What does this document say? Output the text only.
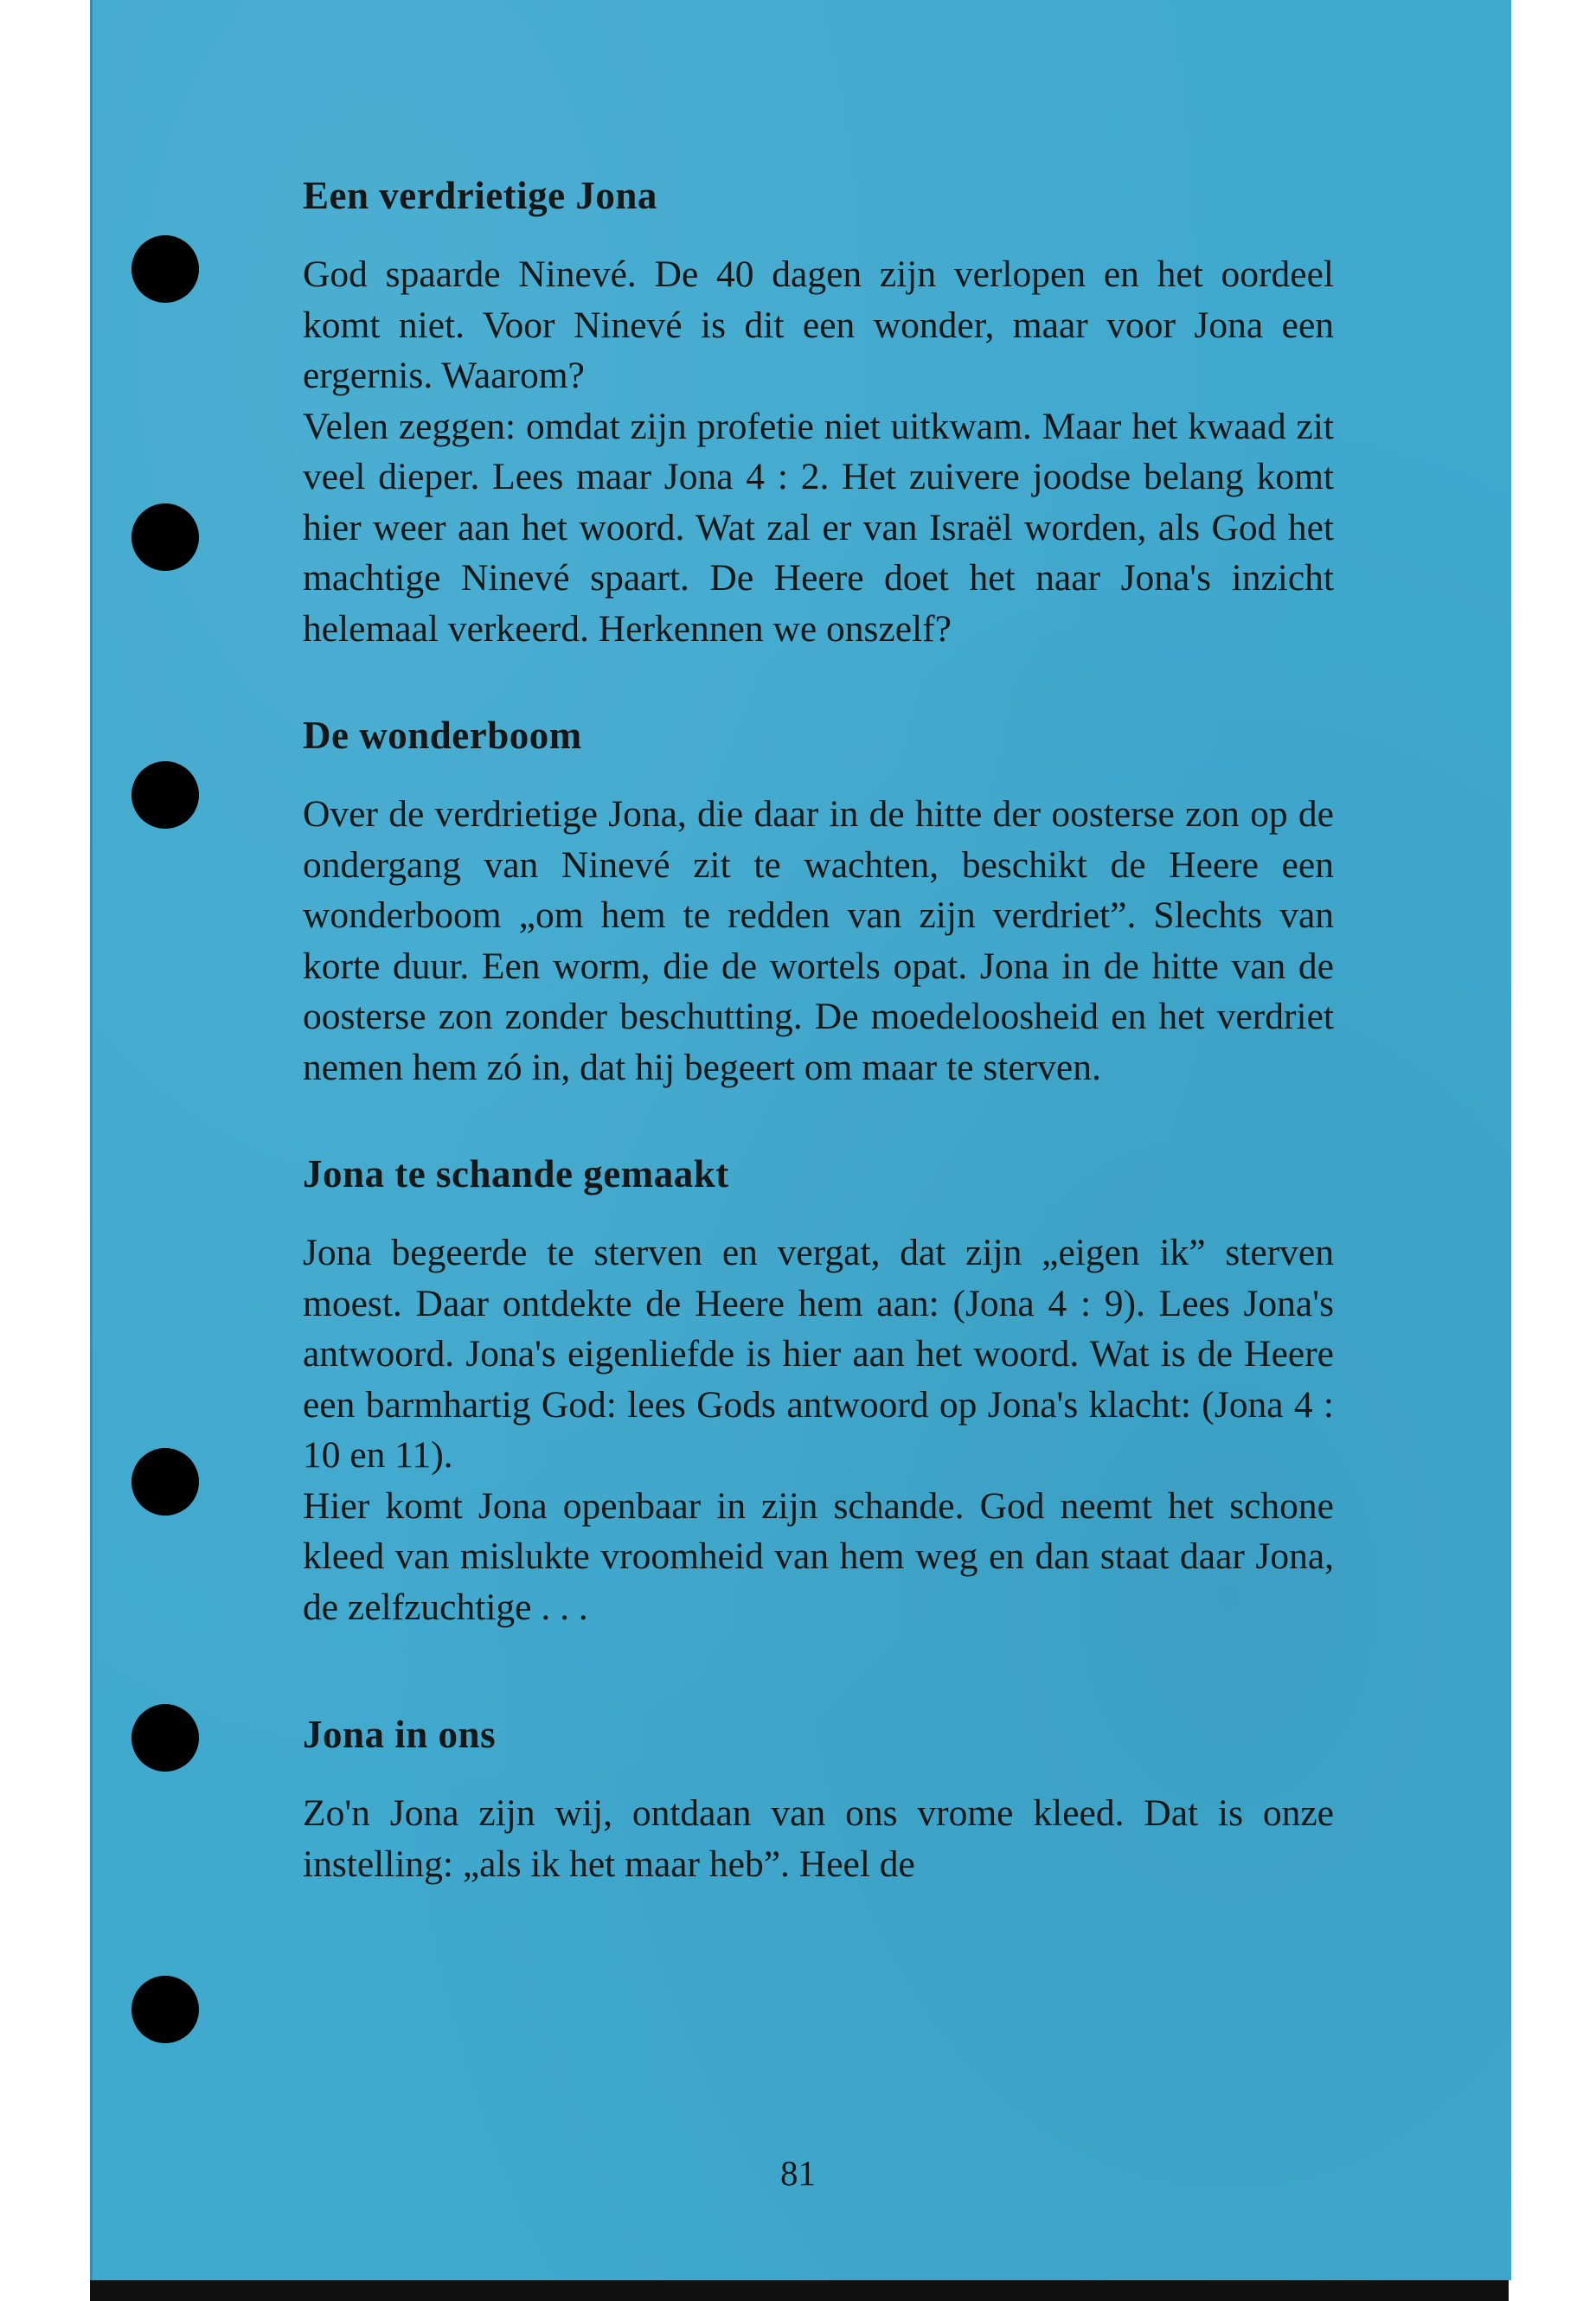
Een verdrietige Jona

God spaarde Ninevé. De 40 dagen zijn verlopen en het oordeel komt niet. Voor Ninevé is dit een wonder, maar voor Jona een ergernis. Waarom?

Velen zeggen: omdat zijn profetie niet uitkwam. Maar het kwaad zit veel dieper. Lees maar Jona 4 : 2. Het zuivere joodse belang komt hier weer aan het woord. Wat zal er van Israël worden, als God het machtige Ninevé spaart. De Heere doet het naar Jona's inzicht helemaal verkeerd. Herkennen we onszelf?

De wonderboom

Over de verdrietige Jona, die daar in de hitte der oosterse zon op de ondergang van Ninevé zit te wachten, beschikt de Heere een wonderboom „om hem te redden van zijn verdriet”. Slechts van korte duur. Een worm, die de wortels opat. Jona in de hitte van de oosterse zon zonder beschutting. De moedeloosheid en het verdriet nemen hem zó in, dat hij begeert om maar te sterven.

Jona te schande gemaakt

Jona begeerde te sterven en vergat, dat zijn „eigen ik” sterven moest. Daar ontdekte de Heere hem aan: (Jona 4 : 9). Lees Jona's antwoord. Jona's eigenliefde is hier aan het woord. Wat is de Heere een barmhartig God: lees Gods antwoord op Jona's klacht: (Jona 4 : 10 en 11).

Hier komt Jona openbaar in zijn schande. God neemt het schone kleed van mislukte vroomheid van hem weg en dan staat daar Jona, de zelfzuchtige . . .

Jona in ons

Zo'n Jona zijn wij, ontdaan van ons vrome kleed. Dat is onze instelling: „als ik het maar heb”. Heel de

81
